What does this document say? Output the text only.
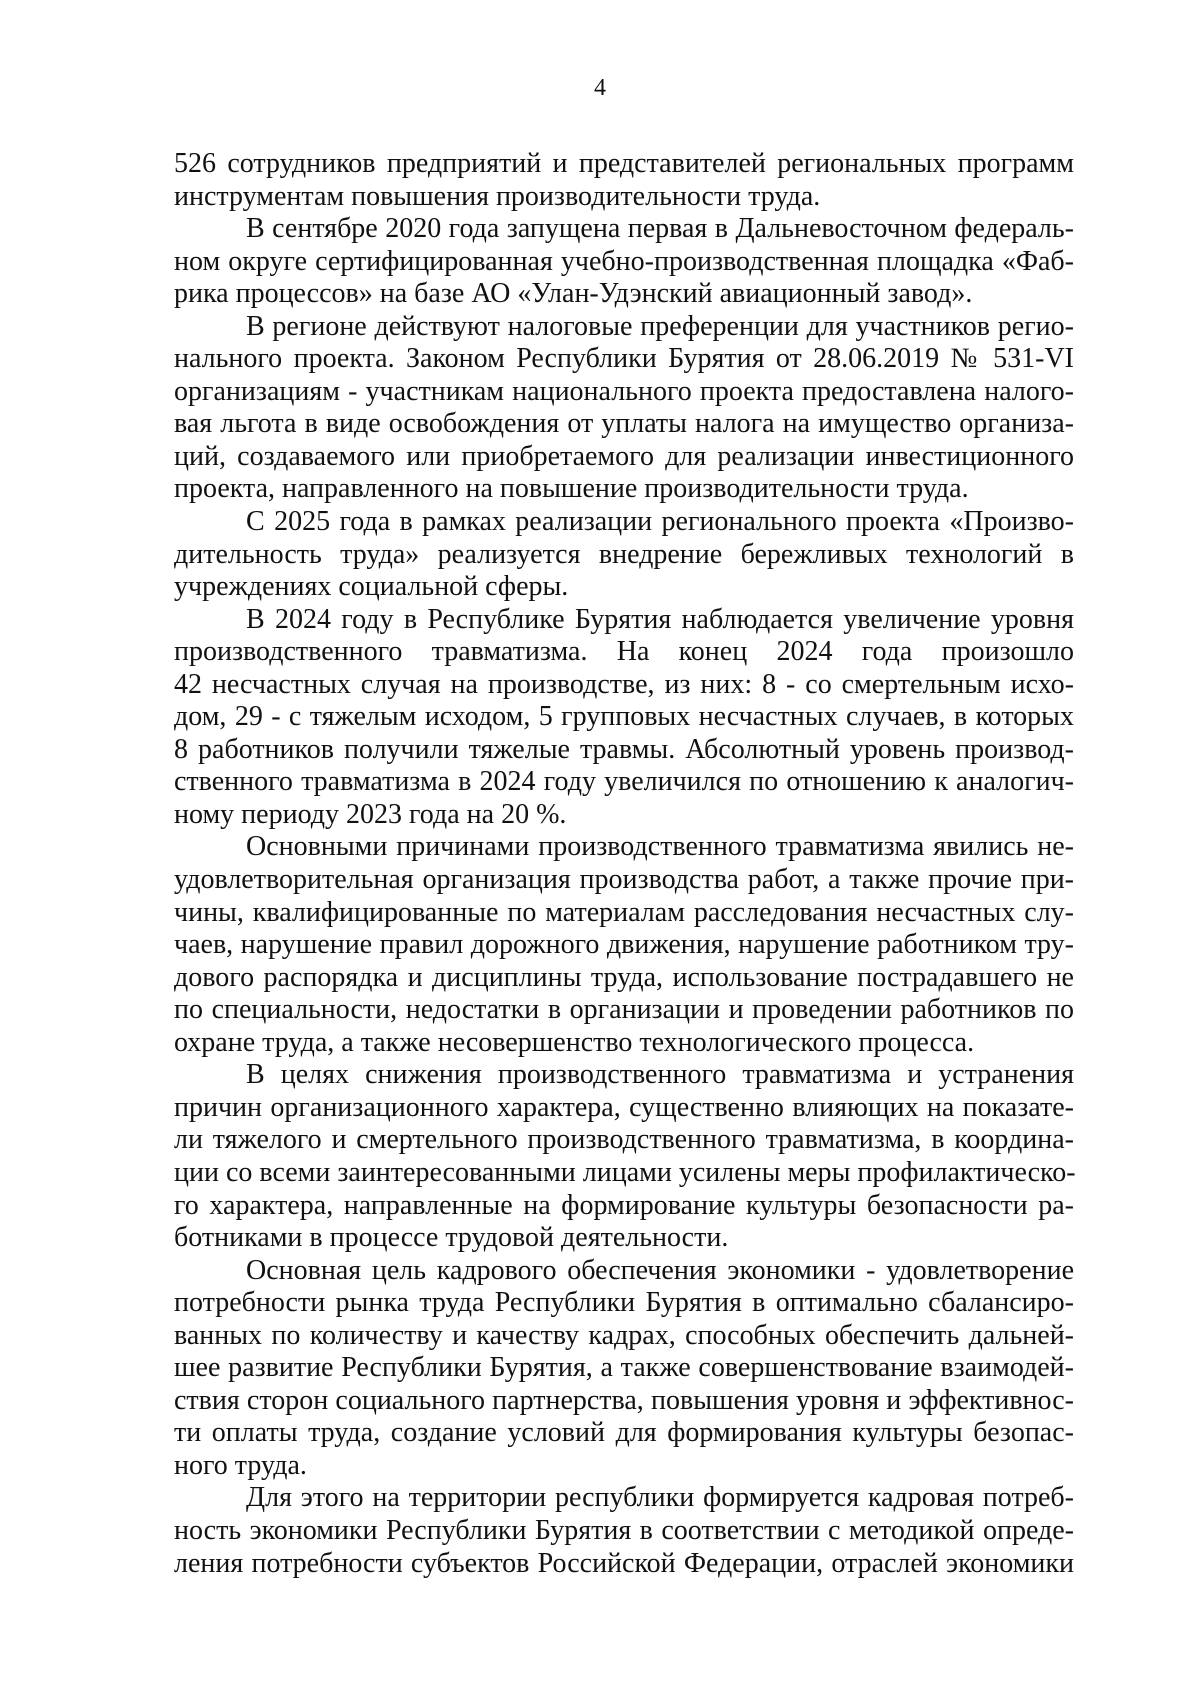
4
526 сотрудников предприятий и представителей региональных программ
инструментам повышения производительности труда.
В сентябре 2020 года запущена первая в Дальневосточном федераль-
ном округе сертифицированная учебно-производственная площадка «Фаб-
рика процессов» на базе АО «Улан-Удэнский авиационный завод».
В регионе действуют налоговые преференции для участников регио-
нального проекта. Законом Республики Бурятия от 28.06.2019 № 531-VI
организациям - участникам национального проекта предоставлена налого-
вая льгота в виде освобождения от уплаты налога на имущество организа-
ций, создаваемого или приобретаемого для реализации инвестиционного
проекта, направленного на повышение производительности труда.
С 2025 года в рамках реализации регионального проекта «Произво-
дительность труда» реализуется внедрение бережливых технологий в
учреждениях социальной сферы.
В 2024 году в Республике Бурятия наблюдается увеличение уровня
производственного травматизма. На конец 2024 года произошло
42 несчастных случая на производстве, из них: 8 - со смертельным исхо-
дом, 29 - с тяжелым исходом, 5 групповых несчастных случаев, в которых
8 работников получили тяжелые травмы. Абсолютный уровень производ-
ственного травматизма в 2024 году увеличился по отношению к аналогич-
ному периоду 2023 года на 20 %.
Основными причинами производственного травматизма явились не-
удовлетворительная организация производства работ, а также прочие при-
чины, квалифицированные по материалам расследования несчастных слу-
чаев, нарушение правил дорожного движения, нарушение работником тру-
дового распорядка и дисциплины труда, использование пострадавшего не
по специальности, недостатки в организации и проведении работников по
охране труда, а также несовершенство технологического процесса.
В целях снижения производственного травматизма и устранения
причин организационного характера, существенно влияющих на показате-
ли тяжелого и смертельного производственного травматизма, в координа-
ции со всеми заинтересованными лицами усилены меры профилактическо-
го характера, направленные на формирование культуры безопасности ра-
ботниками в процессе трудовой деятельности.
Основная цель кадрового обеспечения экономики - удовлетворение
потребности рынка труда Республики Бурятия в оптимально сбалансиро-
ванных по количеству и качеству кадрах, способных обеспечить дальней-
шее развитие Республики Бурятия, а также совершенствование взаимодей-
ствия сторон социального партнерства, повышения уровня и эффективнос-
ти оплаты труда, создание условий для формирования культуры безопас-
ного труда.
Для этого на территории республики формируется кадровая потреб-
ность экономики Республики Бурятия в соответствии с методикой опреде-
ления потребности субъектов Российской Федерации, отраслей экономики
